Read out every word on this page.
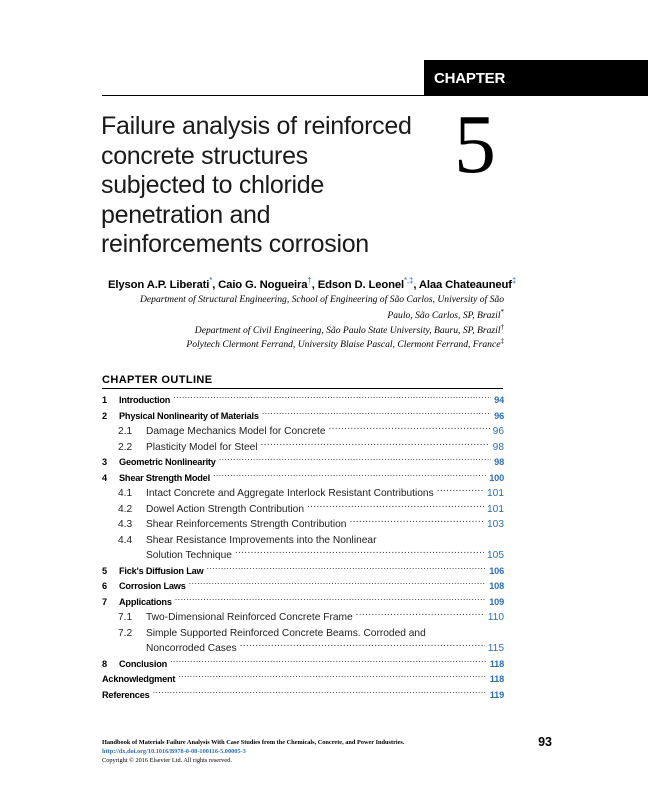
CHAPTER
Failure analysis of reinforced
concrete structures
subjected to chloride
penetration and
reinforcements corrosion
5
Elyson A.P. Liberati*, Caio G. Nogueira†, Edson D. Leonel*,‡, Alaa Chateauneuf‡
Department of Structural Engineering, School of Engineering of São Carlos, University of São
Paulo, São Carlos, SP, Brazil*
Department of Civil Engineering, São Paulo State University, Bauru, SP, Brazil†
Polytech Clermont Ferrand, University Blaise Pascal, Clermont Ferrand, France‡
CHAPTER OUTLINE
1	Introduction .....	94
2	Physical Nonlinearity of Materials .....	96
2.1	Damage Mechanics Model for Concrete .....	96
2.2	Plasticity Model for Steel .....	98
3	Geometric Nonlinearity .....	98
4	Shear Strength Model .....	100
4.1	Intact Concrete and Aggregate Interlock Resistant Contributions .....	101
4.2	Dowel Action Strength Contribution .....	101
4.3	Shear Reinforcements Strength Contribution .....	103
4.4	Shear Resistance Improvements into the Nonlinear
Solution Technique .....	105
5	Fick's Diffusion Law .....	106
6	Corrosion Laws .....	108
7	Applications .....	109
7.1	Two-Dimensional Reinforced Concrete Frame .....	110
7.2	Simple Supported Reinforced Concrete Beams. Corroded and
Noncorroded Cases .....	115
8	Conclusion .....	118
Acknowledgment .....	118
References .....	119
Handbook of Materials Failure Analysis With Case Studies from the Chemicals, Concrete, and Power Industries.
http://dx.doi.org/10.1016/B978-0-08-100116-5.00005-3
Copyright © 2016 Elsevier Ltd. All rights reserved.
93
